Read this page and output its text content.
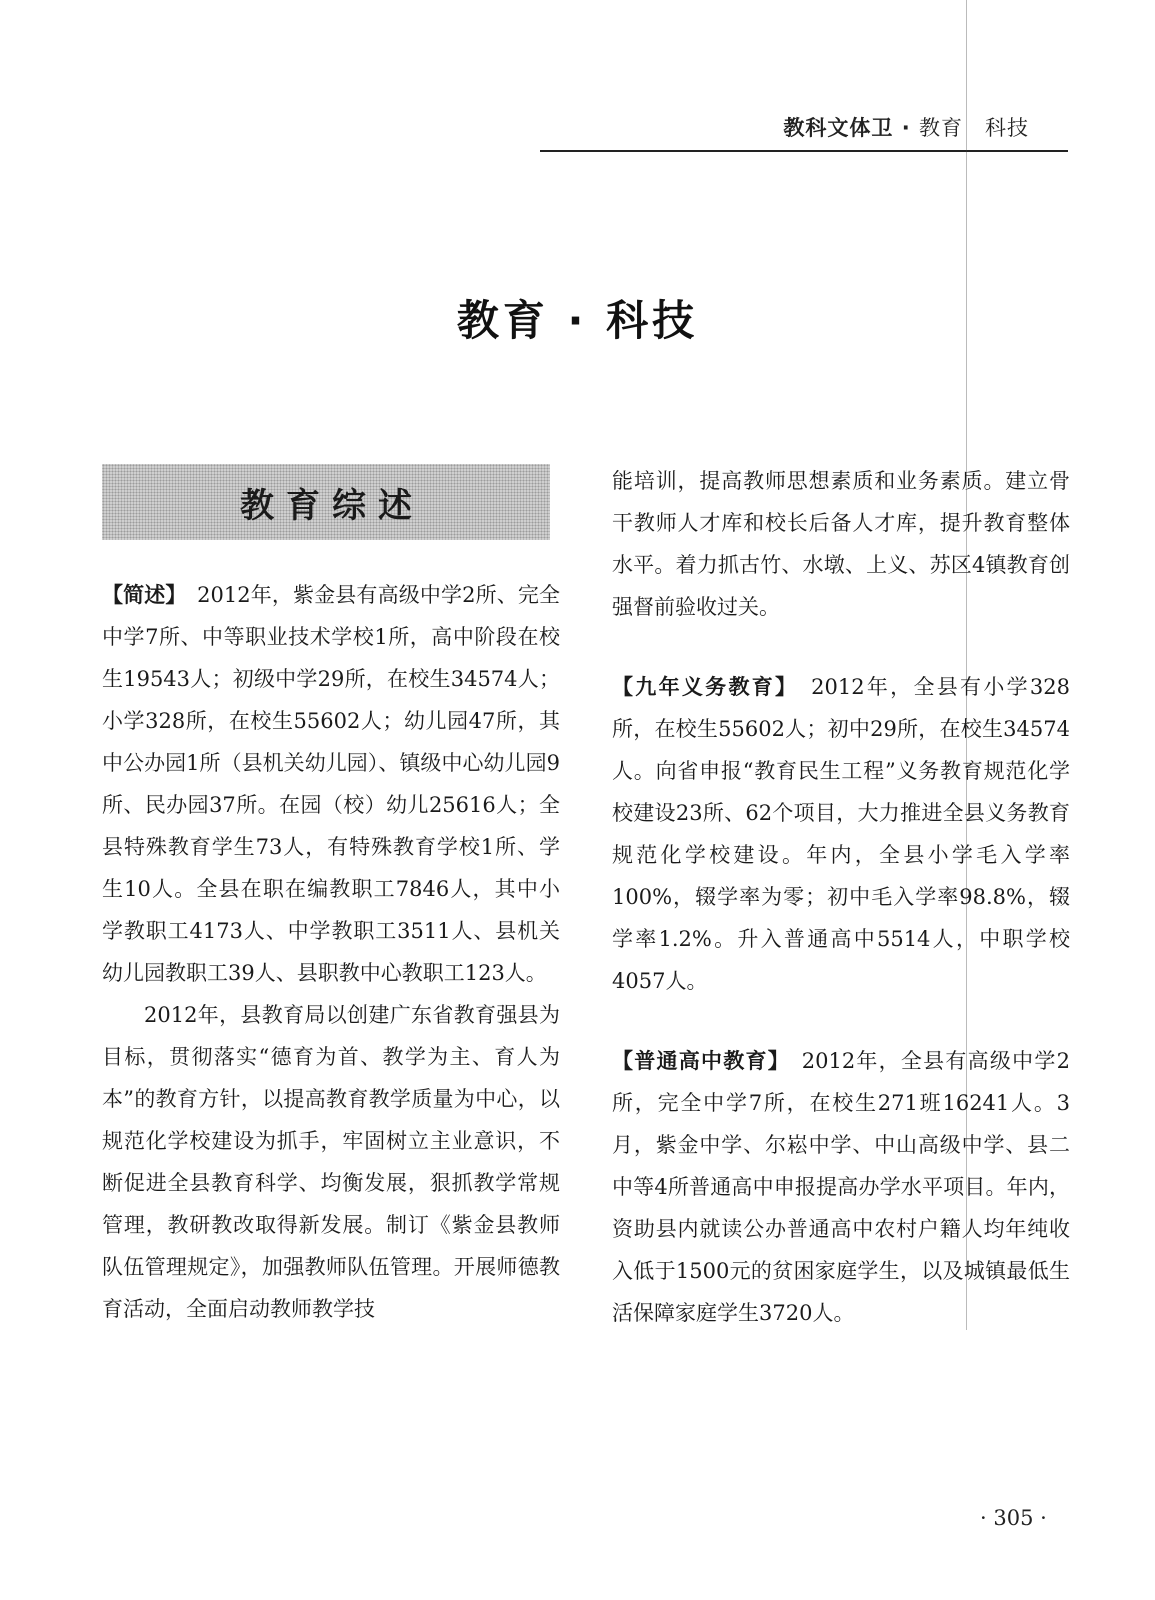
教科文体卫 · 教育　科技
教育 · 科技
教育综述

【简述】　2012年，紫金县有高级中学2所、完全中学7所、中等职业技术学校1所，高中阶段在校生19543人；初级中学29所，在校生34574人；小学328所，在校生55602人；幼儿园47所，其中公办园1所（县机关幼儿园）、镇级中心幼儿园9所、民办园37所。在园（校）幼儿25616人；全县特殊教育学生73人，有特殊教育学校1所、学生10人。全县在职在编教职工7846人，其中小学教职工4173人、中学教职工3511人、县机关幼儿园教职工39人、县职教中心教职工123人。

2012年，县教育局以创建广东省教育强县为目标，贯彻落实“德育为首、教学为主、育人为本”的教育方针，以提高教育教学质量为中心，以规范化学校建设为抓手，牢固树立主业意识，不断促进全县教育科学、均衡发展，狠抓教学常规管理，教研教改取得新发展。制订《紫金县教师队伍管理规定》，加强教师队伍管理。开展师德教育活动，全面启动教师教学技

能培训，提高教师思想素质和业务素质。建立骨干教师人才库和校长后备人才库，提升教育整体水平。着力抓古竹、水墩、上义、苏区4镇教育创强督前验收过关。

【九年义务教育】　2012年，全县有小学328所，在校生55602人；初中29所，在校生34574人。向省申报“教育民生工程”义务教育规范化学校建设23所、62个项目，大力推进全县义务教育规范化学校建设。年内，全县小学毛入学率100%，辍学率为零；初中毛入学率98.8%，辍学率1.2%。升入普通高中5514人，中职学校4057人。

【普通高中教育】　2012年，全县有高级中学2所，完全中学7所，在校生271班16241人。3月，紫金中学、尔崧中学、中山高级中学、县二中等4所普通高中申报提高办学水平项目。年内，资助县内就读公办普通高中农村户籍人均年纯收入低于1500元的贫困家庭学生，以及城镇最低生活保障家庭学生3720人。

· 305 ·
